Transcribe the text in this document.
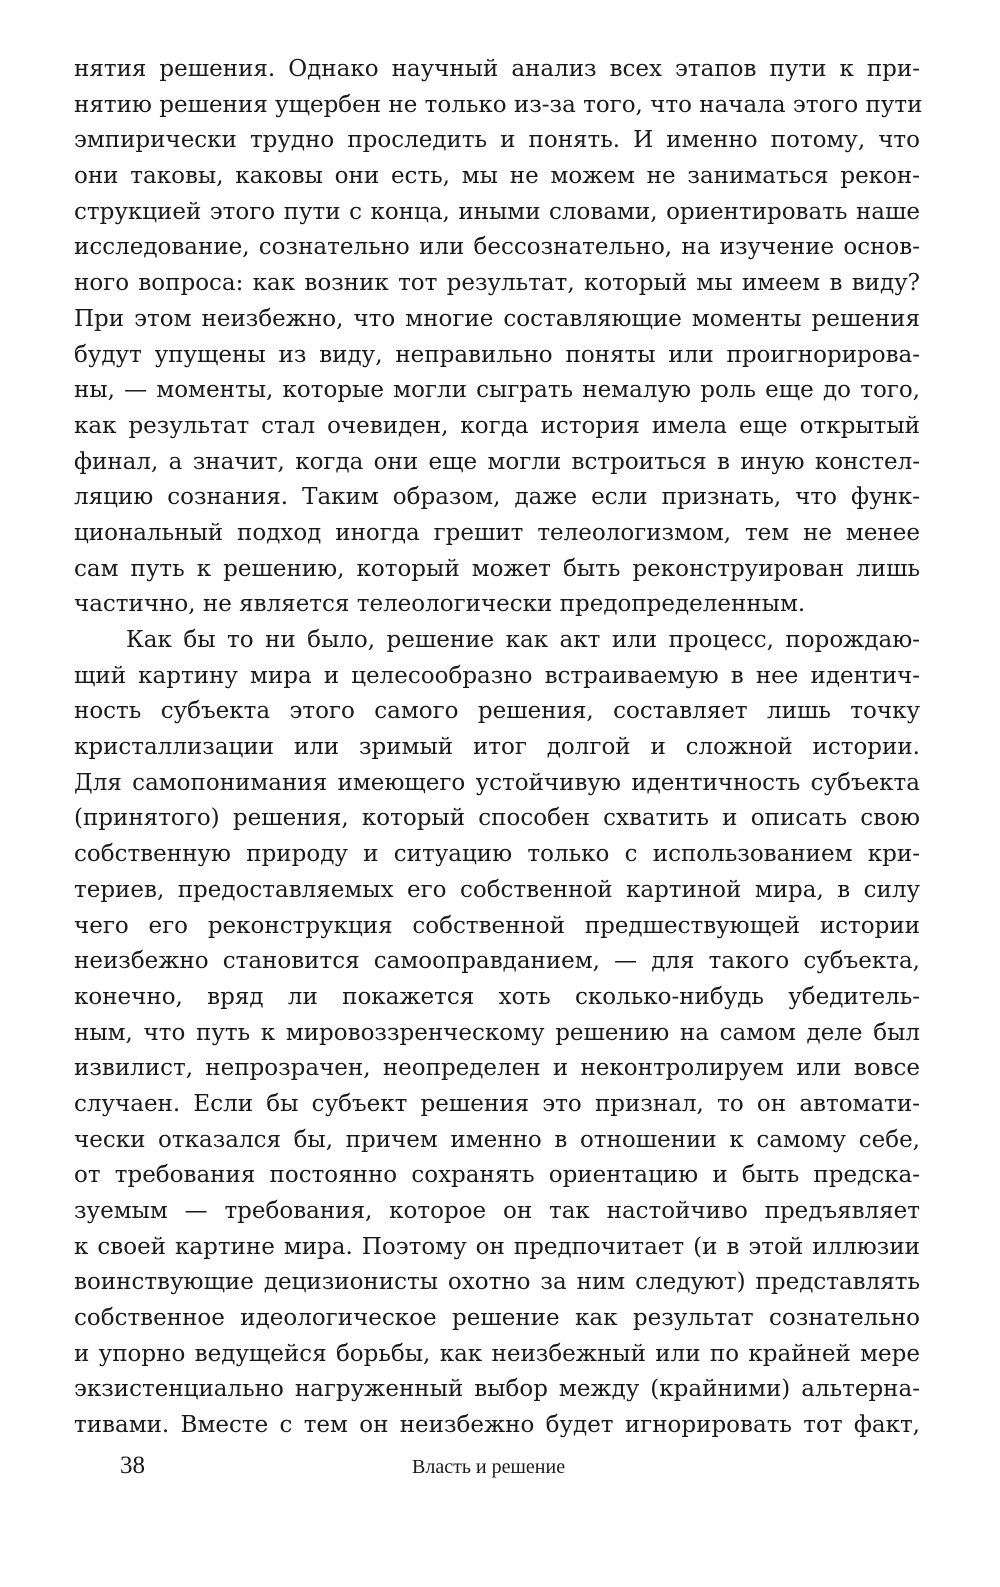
нятия решения. Однако научный анализ всех этапов пути к при-
нятию решения ущербен не только из-за того, что начала этого пути
эмпирически трудно проследить и понять. И именно потому, что
они таковы, каковы они есть, мы не можем не заниматься рекон-
струкцией этого пути с конца, иными словами, ориентировать наше
исследование, сознательно или бессознательно, на изучение основ-
ного вопроса: как возник тот результат, который мы имеем в виду?
При этом неизбежно, что многие составляющие моменты решения
будут упущены из виду, неправильно поняты или проигнорирова-
ны, — моменты, которые могли сыграть немалую роль еще до того,
как результат стал очевиден, когда история имела еще открытый
финал, а значит, когда они еще могли встроиться в иную констел-
ляцию сознания. Таким образом, даже если признать, что функ-
циональный подход иногда грешит телеологизмом, тем не менее
сам путь к решению, который может быть реконструирован лишь
частично, не является телеологически предопределенным.

Как бы то ни было, решение как акт или процесс, порождаю-
щий картину мира и целесообразно встраиваемую в нее идентич-
ность субъекта этого самого решения, составляет лишь точку
кристаллизации или зримый итог долгой и сложной истории.
Для самопонимания имеющего устойчивую идентичность субъекта
(принятого) решения, который способен схватить и описать свою
собственную природу и ситуацию только с использованием кри-
териев, предоставляемых его собственной картиной мира, в силу
чего его реконструкция собственной предшествующей истории
неизбежно становится самооправданием, — для такого субъекта,
конечно, вряд ли покажется хоть сколько-нибудь убедитель-
ным, что путь к мировоззренческому решению на самом деле был
извилист, непрозрачен, неопределен и неконтролируем или вовсе
случаен. Если бы субъект решения это признал, то он автомати-
чески отказался бы, причем именно в отношении к самому себе,
от требования постоянно сохранять ориентацию и быть предска-
зуемым — требования, которое он так настойчиво предъявляет
к своей картине мира. Поэтому он предпочитает (и в этой иллюзии
воинствующие децизионисты охотно за ним следуют) представлять
собственное идеологическое решение как результат сознательно
и упорно ведущейся борьбы, как неизбежный или по крайней мере
экзистенциально нагруженный выбор между (крайними) альтерна-
тивами. Вместе с тем он неизбежно будет игнорировать тот факт,

38	Власть и решение
